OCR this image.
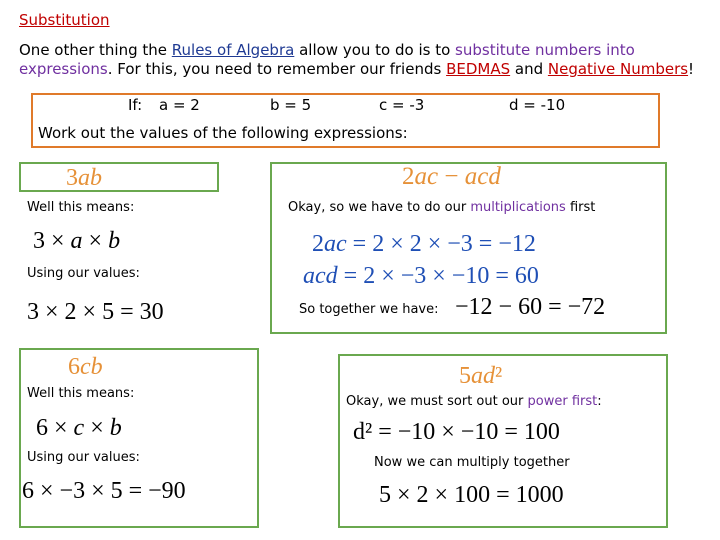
Substitution
One other thing the Rules of Algebra allow you to do is to substitute numbers into expressions. For this, you need to remember our friends BEDMAS and Negative Numbers!
If: a = 2	b = 5	c = -3	d = -10
Work out the values of the following expressions:
3ab
Well this means:
3 × a × b
Using our values:
3 × 2 × 5 = 30
2ac − acd
Okay, so we have to do our multiplications first
2ac = 2 × 2 × −3 = −12
acd = 2 × −3 × −10 = 60
So together we have: −12 − 60 = −72
6cb
Well this means:
6 × c × b
Using our values:
6 × −3 × 5 = −90
5ad²
Okay, we must sort out our power first:
d² = −10 × −10 = 100
Now we can multiply together
5 × 2 × 100 = 1000
